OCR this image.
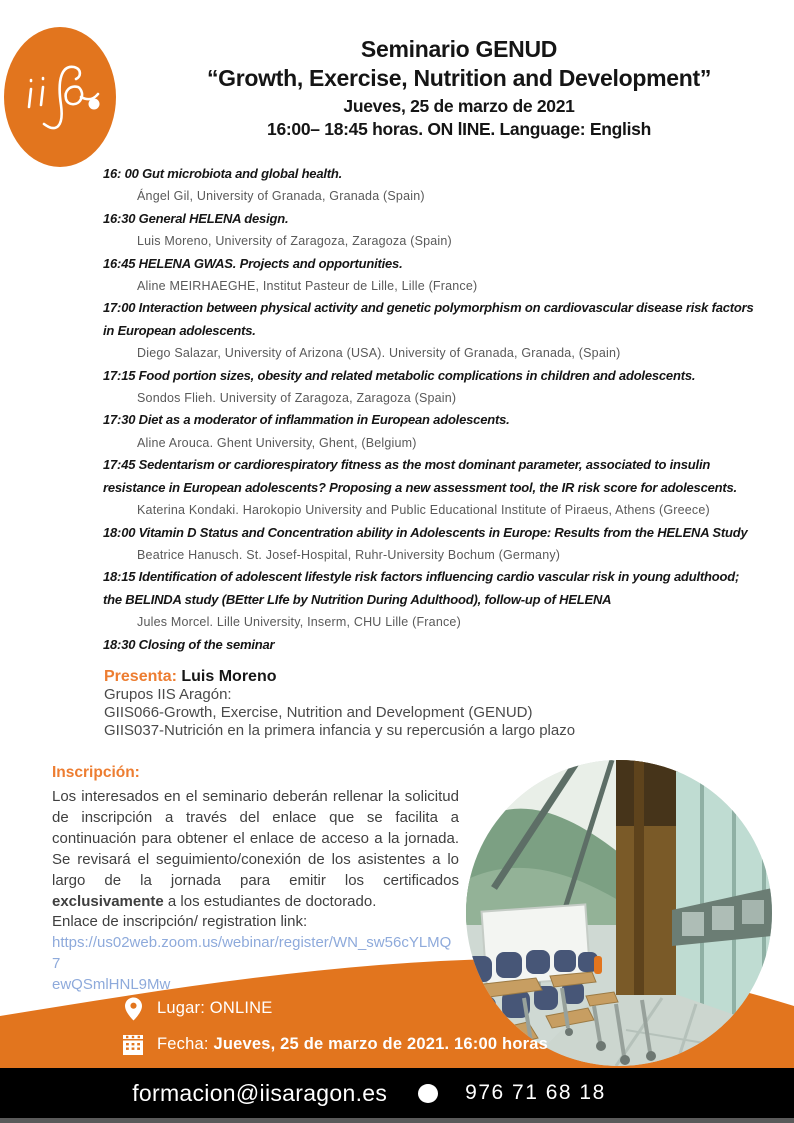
Seminario GENUD
“Growth, Exercise, Nutrition and Development”
Jueves, 25 de marzo de 2021
16:00– 18:45 horas. ON lINE. Language: English
16: 00 Gut microbiota and global health.
Ángel Gil, University of Granada, Granada (Spain)
16:30 General HELENA design.
Luis Moreno, University of Zaragoza, Zaragoza (Spain)
16:45 HELENA GWAS. Projects and opportunities.
Aline MEIRHAEGHE, Institut Pasteur de Lille, Lille (France)
17:00 Interaction between physical activity and genetic polymorphism on cardiovascular disease risk factors in European adolescents.
Diego Salazar, University of Arizona (USA). University of Granada, Granada, (Spain)
17:15 Food portion sizes, obesity and related metabolic complications in children and adolescents.
Sondos Flieh. University of Zaragoza, Zaragoza (Spain)
17:30 Diet as a moderator of inflammation in European adolescents.
Aline Arouca. Ghent University, Ghent, (Belgium)
17:45 Sedentarism or cardiorespiratory fitness as the most dominant parameter, associated to insulin resistance in European adolescents? Proposing a new assessment tool, the IR risk score for adolescents.
Katerina Kondaki. Harokopio University and Public Educational Institute of Piraeus, Athens (Greece)
18:00 Vitamin D Status and Concentration ability in Adolescents in Europe: Results from the HELENA Study
Beatrice Hanusch. St. Josef-Hospital, Ruhr-University Bochum (Germany)
18:15 Identification of adolescent lifestyle risk factors influencing cardio vascular risk in young adulthood; the BELINDA study (BEtter LIfe by Nutrition During Adulthood), follow-up of HELENA
Jules Morcel. Lille University, Inserm, CHU Lille (France)
18:30 Closing of the seminar
Presenta: Luis Moreno
Grupos IIS Aragón:
GIIS066-Growth, Exercise, Nutrition and Development (GENUD)
GIIS037-Nutrición en la primera infancia y su repercusión a largo plazo
Inscripción:

Los interesados en el seminario deberán rellenar la solicitud de inscripción a través del enlace que se facilita a continuación para obtener el enlace de acceso a la jornada. Se revisará el seguimiento/conexión de los asistentes a lo largo de la jornada para emitir los certificados exclusivamente a los estudiantes de doctorado.

Enlace de inscripción/ registration link:
https://us02web.zoom.us/webinar/register/WN_sw56cYLMQ7
ewQSmlHNL9Mw
Lugar: ONLINE
Fecha: Jueves, 25 de marzo de 2021. 16:00 horas
formacion@iisaragon.es	976 71 68 18
